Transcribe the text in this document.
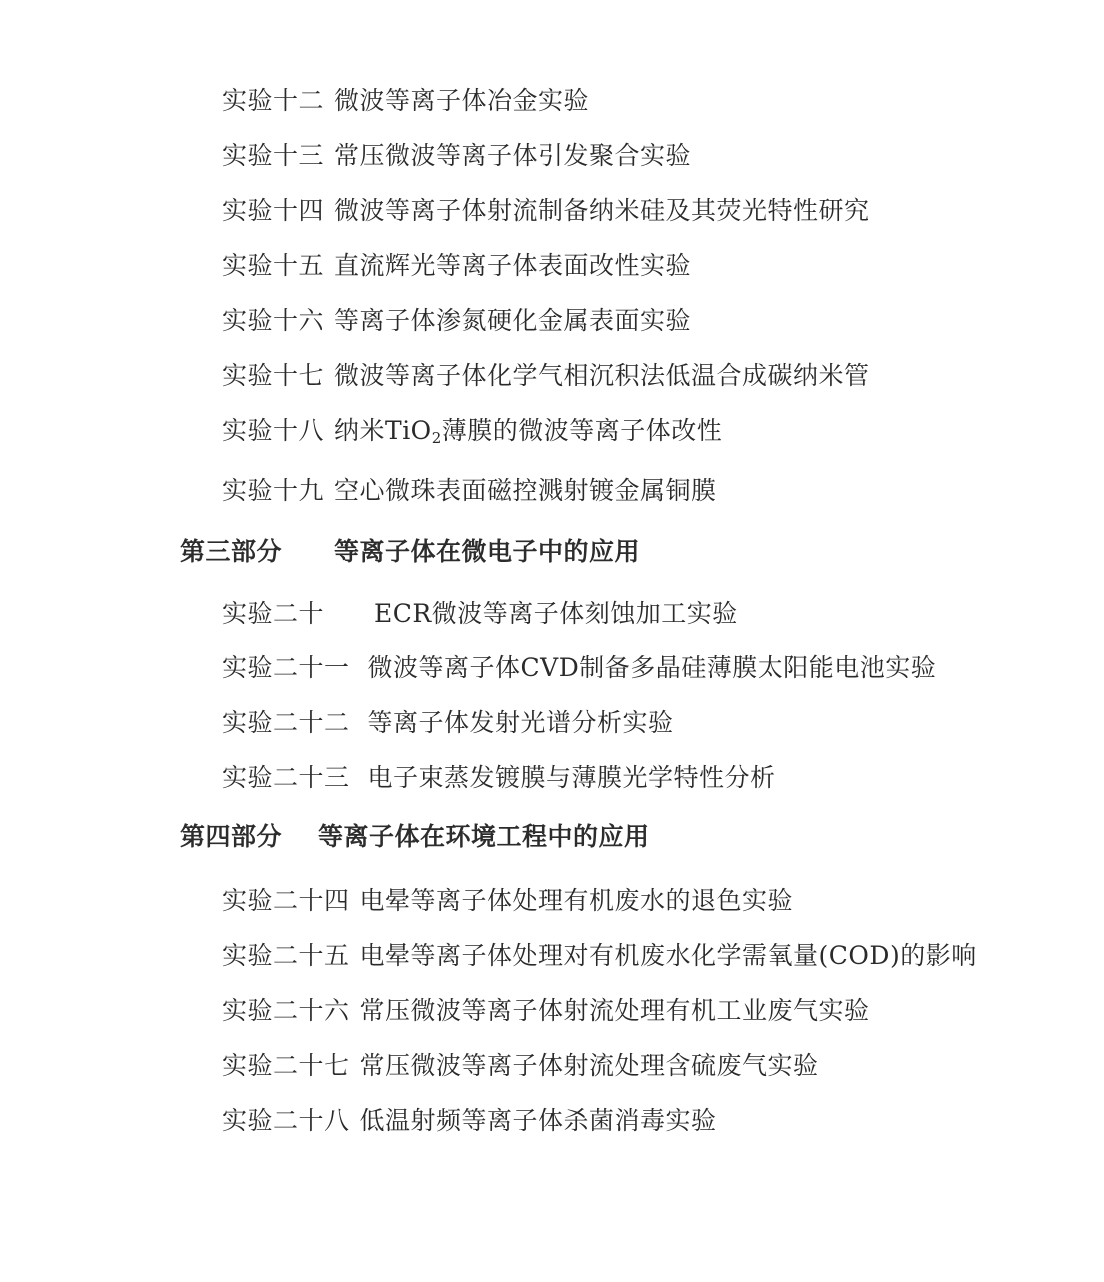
实验十二 微波等离子体冶金实验
实验十三 常压微波等离子体引发聚合实验
实验十四 微波等离子体射流制备纳米硅及其荧光特性研究
实验十五 直流辉光等离子体表面改性实验
实验十六 等离子体渗氮硬化金属表面实验
实验十七 微波等离子体化学气相沉积法低温合成碳纳米管
实验十八 纳米TiO$_2$薄膜的微波等离子体改性
实验十九 空心微珠表面磁控溅射镀金属铜膜
第三部分 等离子体在微电子中的应用
实验二十 ECR微波等离子体刻蚀加工实验
实验二十一 微波等离子体CVD制备多晶硅薄膜太阳能电池实验
实验二十二 等离子体发射光谱分析实验
实验二十三 电子束蒸发镀膜与薄膜光学特性分析
第四部分 等离子体在环境工程中的应用
实验二十四 电晕等离子体处理有机废水的退色实验
实验二十五 电晕等离子体处理对有机废水化学需氧量(COD)的影响
实验二十六 常压微波等离子体射流处理有机工业废气实验
实验二十七 常压微波等离子体射流处理含硫废气实验
实验二十八 低温射频等离子体杀菌消毒实验
